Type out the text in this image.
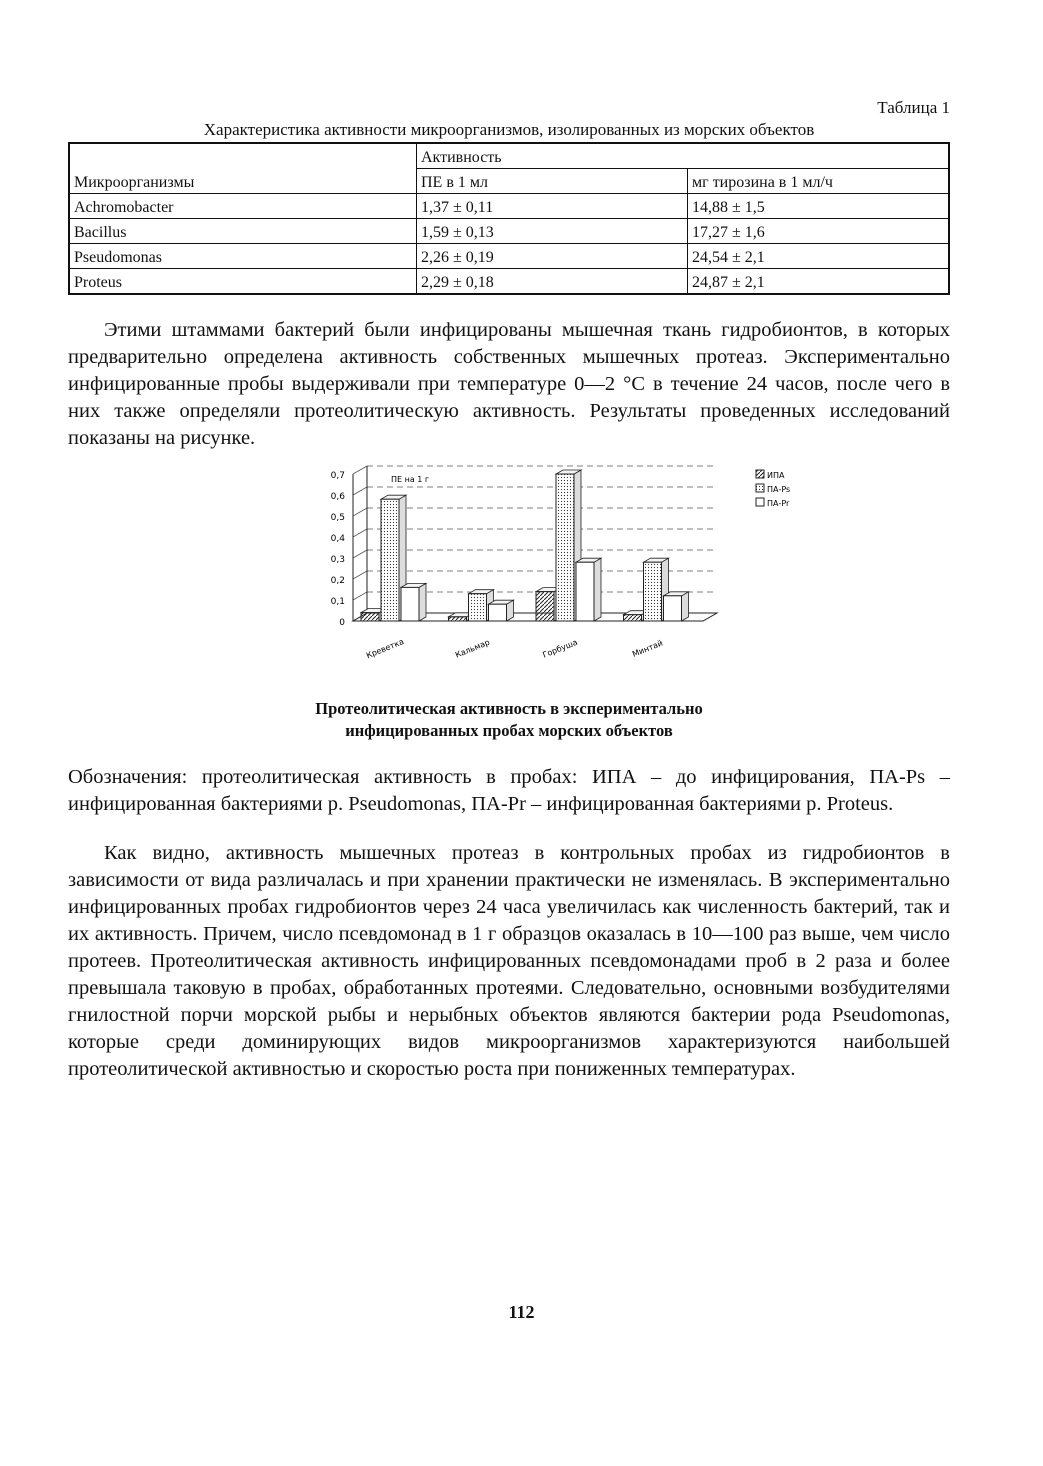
Таблица 1
Характеристика активности микроорганизмов, изолированных из морских объектов
Микроорганизмы	Активность	
	ПЕ в 1 мл	мг тирозина в 1 мл/ч
Achromobacter	1,37 ± 0,11	14,88 ± 1,5
Bacillus	1,59 ± 0,13	17,27 ± 1,6
Pseudomonas	2,26 ± 0,19	24,54 ± 2,1
Proteus	2,29 ± 0,18	24,87 ± 2,1

Этими штаммами бактерий были инфицированы мышечная ткань гидробионтов, в которых предварительно определена активность собственных мышечных протеаз. Экспериментально инфицированные пробы выдерживали при температуре 0—2 °С в течение 24 часов, после чего в них также определяли протеолитическую активность. Результаты проведенных исследований показаны на рисунке.

0
0,1
0,2
0,3
0,4
0,5
0,6
0,7	ПЕ на 1 г
Креветка	Кальмар	Горбуша	Минтай
ИПА
ПА-Ps
ПА-Pr
Протеолитическая активность в экспериментально
инфицированных пробах морских объектов

Обозначения: протеолитическая активность в пробах: ИПА – до инфицирования, ПА-Ps – инфицированная бактериями р. Pseudomonas, ПА-Pr – инфицированная бактериями р. Proteus.

Как видно, активность мышечных протеаз в контрольных пробах из гидробионтов в зависимости от вида различалась и при хранении практически не изменялась. В экспериментально инфицированных пробах гидробионтов через 24 часа увеличилась как численность бактерий, так и их активность. Причем, число псевдомонад в 1 г образцов оказалась в 10—100 раз выше, чем число протеев. Протеолитическая активность инфицированных псевдомонадами проб в 2 раза и более превышала таковую в пробах, обработанных протеями. Следовательно, основными возбудителями гнилостной порчи морской рыбы и нерыбных объектов являются бактерии рода Pseudomonas, которые среди доминирующих видов микроорганизмов характеризуются наибольшей протеолитической активностью и скоростью роста при пониженных температурах.

112
